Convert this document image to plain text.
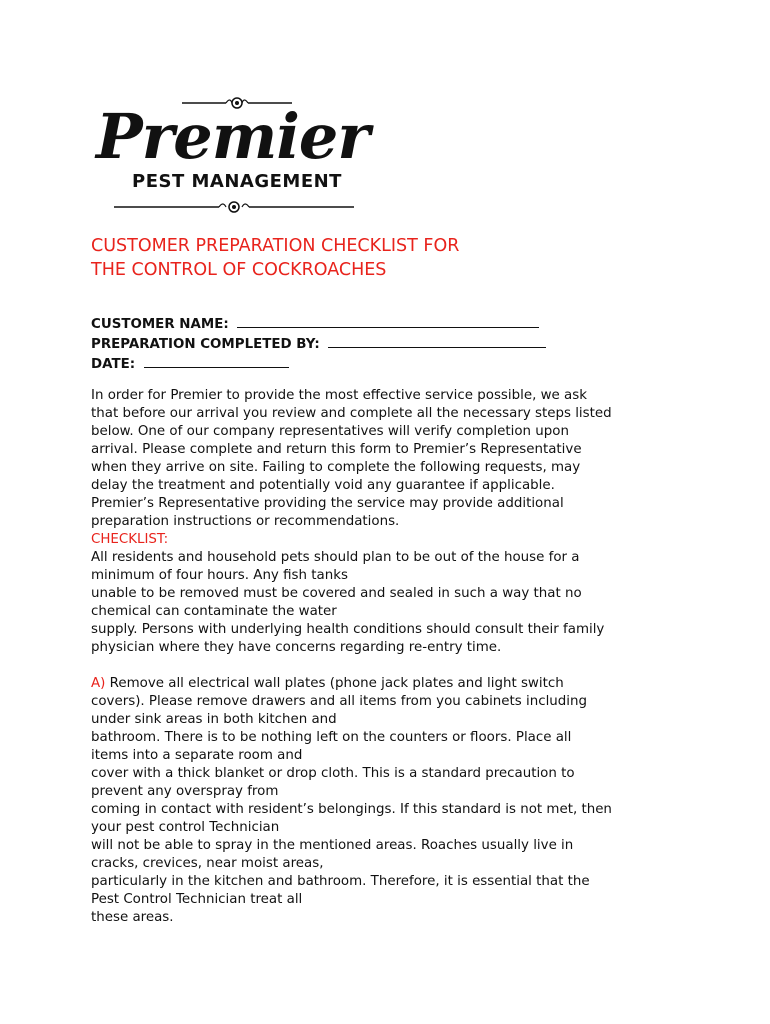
Premier
PEST MANAGEMENT
CUSTOMER PREPARATION CHECKLIST FOR
THE CONTROL OF COCKROACHES
CUSTOMER NAME:
PREPARATION COMPLETED BY:
DATE:

In order for Premier to provide the most effective service possible, we ask

that before our arrival you review and complete all the necessary steps listed

below. One of our company representatives will verify completion upon

arrival. Please complete and return this form to Premier’s Representative

when they arrive on site. Failing to complete the following requests, may

delay the treatment and potentially void any guarantee if applicable.

Premier’s Representative providing the service may provide additional

preparation instructions or recommendations.

CHECKLIST:

All residents and household pets should plan to be out of the house for a

minimum of four hours. Any fish tanks

unable to be removed must be covered and sealed in such a way that no

chemical can contaminate the water

supply. Persons with underlying health conditions should consult their family

physician where they have concerns regarding re-entry time.

A) Remove all electrical wall plates (phone jack plates and light switch

covers). Please remove drawers and all items from you cabinets including

under sink areas in both kitchen and

bathroom. There is to be nothing left on the counters or floors. Place all

items into a separate room and

cover with a thick blanket or drop cloth. This is a standard precaution to

prevent any overspray from

coming in contact with resident’s belongings. If this standard is not met, then

your pest control Technician

will not be able to spray in the mentioned areas. Roaches usually live in

cracks, crevices, near moist areas,

particularly in the kitchen and bathroom. Therefore, it is essential that the

Pest Control Technician treat all

these areas.
